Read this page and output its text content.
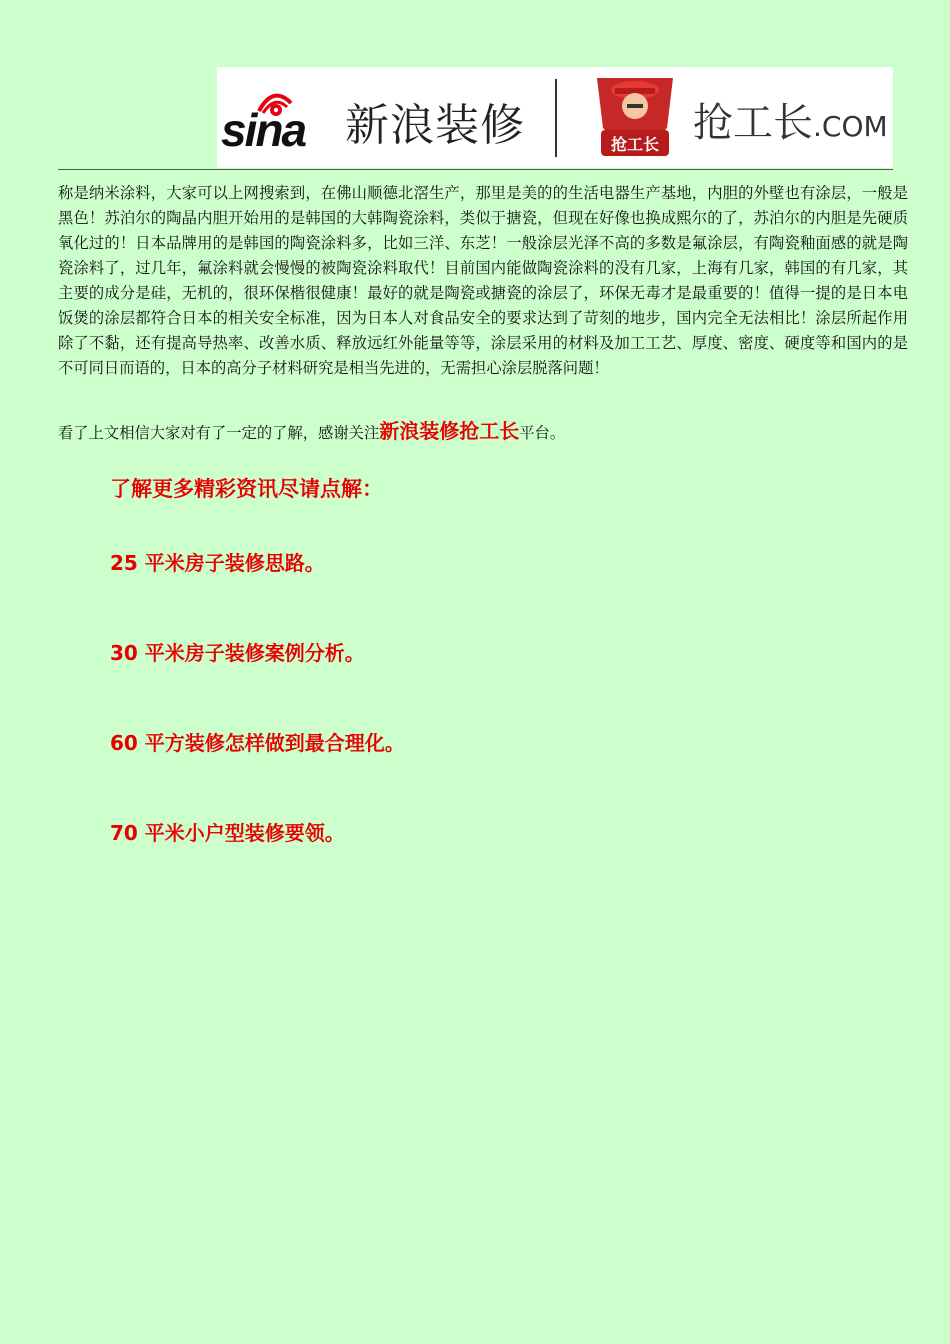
sina 新浪装修	抢工长 抢工长.COM

称是纳米涂料，大家可以上网搜索到，在佛山顺德北滘生产，那里是美的的生活电器生产基地，内胆的外壁也有涂层，一般是黑色！苏泊尔的陶晶内胆开始用的是韩国的大韩陶瓷涂料，类似于搪瓷，但现在好像也换成熙尔的了，苏泊尔的内胆是先硬质氧化过的！日本品牌用的是韩国的陶瓷涂料多，比如三洋、东芝！一般涂层光泽不高的多数是氟涂层，有陶瓷釉面感的就是陶瓷涂料了，过几年，氟涂料就会慢慢的被陶瓷涂料取代！目前国内能做陶瓷涂料的没有几家，上海有几家，韩国的有几家，其主要的成分是硅，无机的，很环保楷很健康！最好的就是陶瓷或搪瓷的涂层了，环保无毒才是最重要的！值得一提的是日本电饭煲的涂层都符合日本的相关安全标准，因为日本人对食品安全的要求达到了苛刻的地步，国内完全无法相比！涂层所起作用除了不黏，还有提高导热率、改善水质、释放远红外能量等等，涂层采用的材料及加工工艺、厚度、密度、硬度等和国内的是不可同日而语的，日本的高分子材料研究是相当先进的，无需担心涂层脱落问题！

看了上文相信大家对有了一定的了解，感谢关注新浪装修抢工长平台。

了解更多精彩资讯尽请点解：

25 平米房子装修思路。
30 平米房子装修案例分析。
60 平方装修怎样做到最合理化。
70 平米小户型装修要领。
